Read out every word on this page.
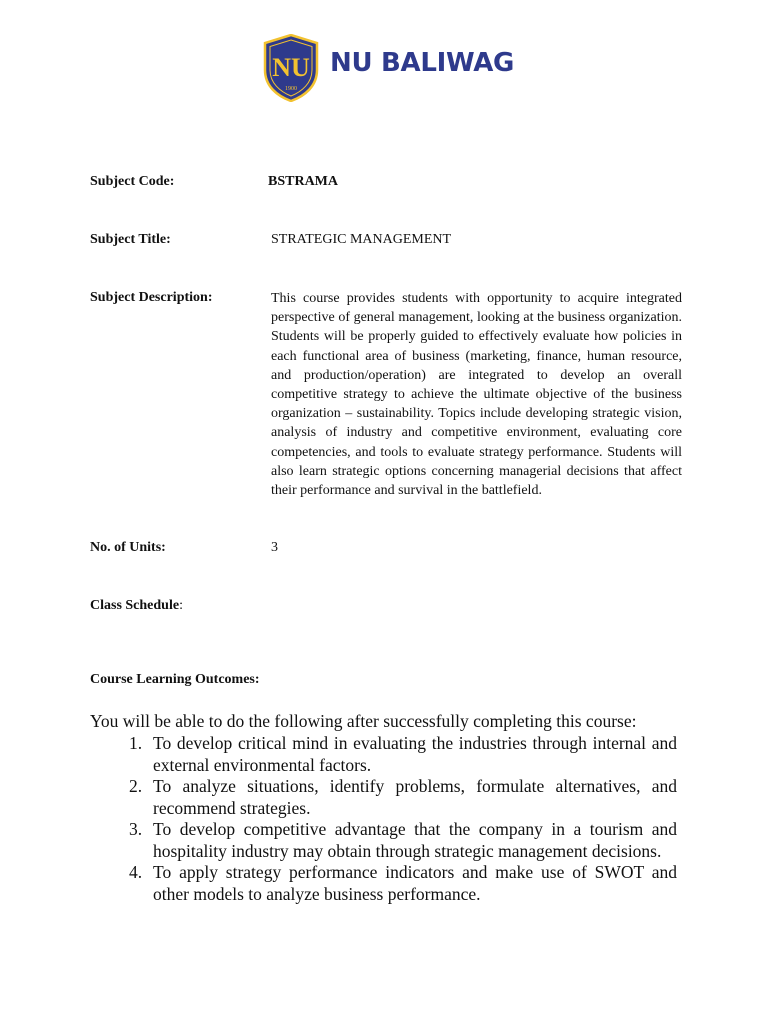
NU
1900
NU BALIWAG
Subject Code:	BSTRAMA
Subject Title:	STRATEGIC MANAGEMENT
Subject Description:	This course provides students with opportunity to acquire integrated perspective of general management, looking at the business organization. Students will be properly guided to effectively evaluate how policies in each functional area of business (marketing, finance, human resource, and production/operation) are integrated to develop an overall competitive strategy to achieve the ultimate objective of the business organization – sustainability. Topics include developing strategic vision, analysis of industry and competitive environment, evaluating core competencies, and tools to evaluate strategy performance. Students will also learn strategic options concerning managerial decisions that affect their performance and survival in the battlefield.

No. of Units:	3
Class Schedule:
Course Learning Outcomes:
You will be able to do the following after successfully completing this course:
1. To develop critical mind in evaluating the industries through internal and external environmental factors.
2. To analyze situations, identify problems, formulate alternatives, and recommend strategies.
3. To develop competitive advantage that the company in a tourism and hospitality industry may obtain through strategic management decisions.
4. To apply strategy performance indicators and make use of SWOT and other models to analyze business performance.
